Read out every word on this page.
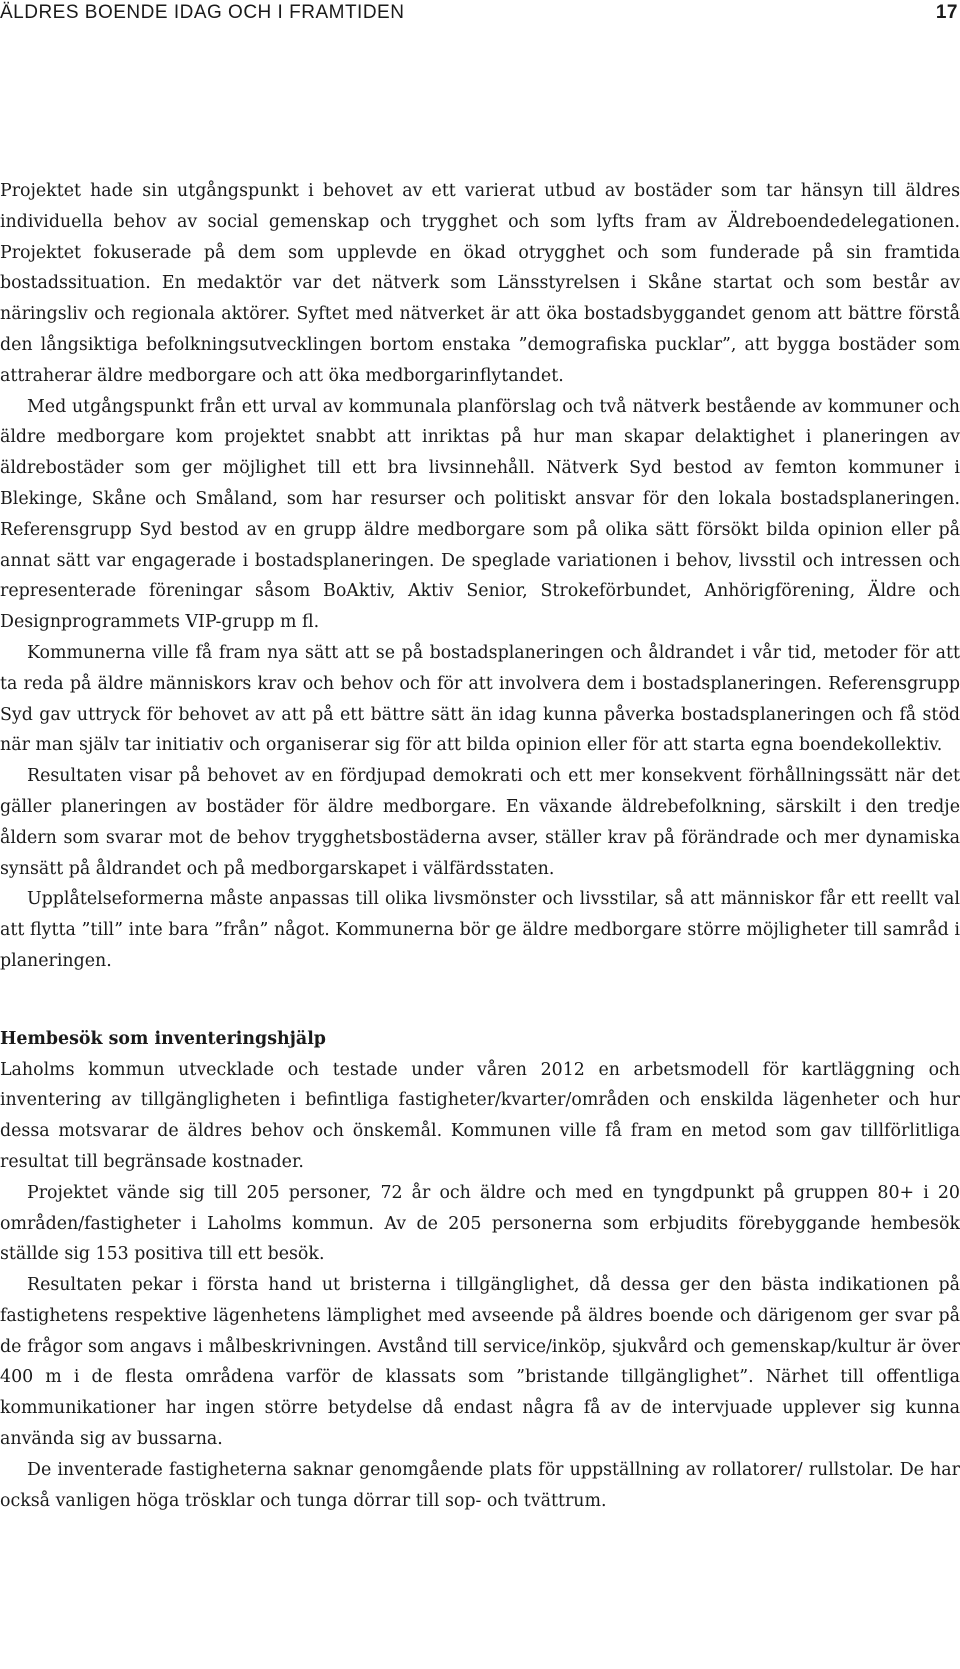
ÄLDRES BOENDE IDAG OCH I FRAMTIDEN	17

Projektet hade sin utgångspunkt i behovet av ett varierat utbud av bostäder som tar hänsyn till äldres individuella behov av social gemenskap och trygghet och som lyfts fram av Äldreboendedelegationen. Projektet fokuserade på dem som upplevde en ökad otrygghet och som funderade på sin framtida bostadssituation. En medaktör var det nätverk som Länsstyrelsen i Skåne startat och som består av näringsliv och regionala aktörer. Syftet med nätverket är att öka bostadsbyggandet genom att bättre förstå den långsiktiga befolkningsutvecklingen bortom enstaka ”demografiska pucklar”, att bygga bostäder som attraherar äldre medborgare och att öka medborgarinflytandet.

Med utgångspunkt från ett urval av kommunala planförslag och två nätverk bestående av kommuner och äldre medborgare kom projektet snabbt att inriktas på hur man skapar delaktighet i planeringen av äldrebostäder som ger möjlighet till ett bra livsinnehåll. Nätverk Syd bestod av femton kommuner i Blekinge, Skåne och Småland, som har resurser och politiskt ansvar för den lokala bostadsplaneringen. Referensgrupp Syd bestod av en grupp äldre medborgare som på olika sätt försökt bilda opinion eller på annat sätt var engagerade i bostadsplaneringen. De speglade variationen i behov, livsstil och intressen och representerade föreningar såsom BoAktiv, Aktiv Senior, Strokeförbundet, Anhörigförening, Äldre och Designprogrammets VIP-grupp m fl.

Kommunerna ville få fram nya sätt att se på bostadsplaneringen och åldrandet i vår tid, metoder för att ta reda på äldre människors krav och behov och för att involvera dem i bostadsplaneringen. Referensgrupp Syd gav uttryck för behovet av att på ett bättre sätt än idag kunna påverka bostadsplaneringen och få stöd när man själv tar initiativ och organiserar sig för att bilda opinion eller för att starta egna boendekollektiv.

Resultaten visar på behovet av en fördjupad demokrati och ett mer konsekvent förhållningssätt när det gäller planeringen av bostäder för äldre medborgare. En växande äldrebefolkning, särskilt i den tredje åldern som svarar mot de behov trygghetsbostäderna avser, ställer krav på förändrade och mer dynamiska synsätt på åldrandet och på medborgarskapet i välfärdsstaten.

Upplåtelseformerna måste anpassas till olika livsmönster och livsstilar, så att människor får ett reellt val att flytta ”till” inte bara ”från” något. Kommunerna bör ge äldre medborgare större möjligheter till samråd i planeringen.

Hembesök som inventeringshjälp

Laholms kommun utvecklade och testade under våren 2012 en arbetsmodell för kartläggning och inventering av tillgängligheten i befintliga fastigheter/kvarter/områden och enskilda lägenheter och hur dessa motsvarar de äldres behov och önskemål. Kommunen ville få fram en metod som gav tillförlitliga resultat till begränsade kostnader.

Projektet vände sig till 205 personer, 72 år och äldre och med en tyngdpunkt på gruppen 80+ i 20 områden/fastigheter i Laholms kommun. Av de 205 personerna som erbjudits förebyggande hembesök ställde sig 153 positiva till ett besök.

Resultaten pekar i första hand ut bristerna i tillgänglighet, då dessa ger den bästa indikationen på fastighetens respektive lägenhetens lämplighet med avseende på äldres boende och därigenom ger svar på de frågor som angavs i målbeskrivningen. Avstånd till service/inköp, sjukvård och gemenskap/kultur är över 400 m i de flesta områdena varför de klassats som ”bristande tillgänglighet”. Närhet till offentliga kommunikationer har ingen större betydelse då endast några få av de intervjuade upplever sig kunna använda sig av bussarna.

De inventerade fastigheterna saknar genomgående plats för uppställning av rollatorer/ rullstolar. De har också vanligen höga trösklar och tunga dörrar till sop- och tvättrum.
